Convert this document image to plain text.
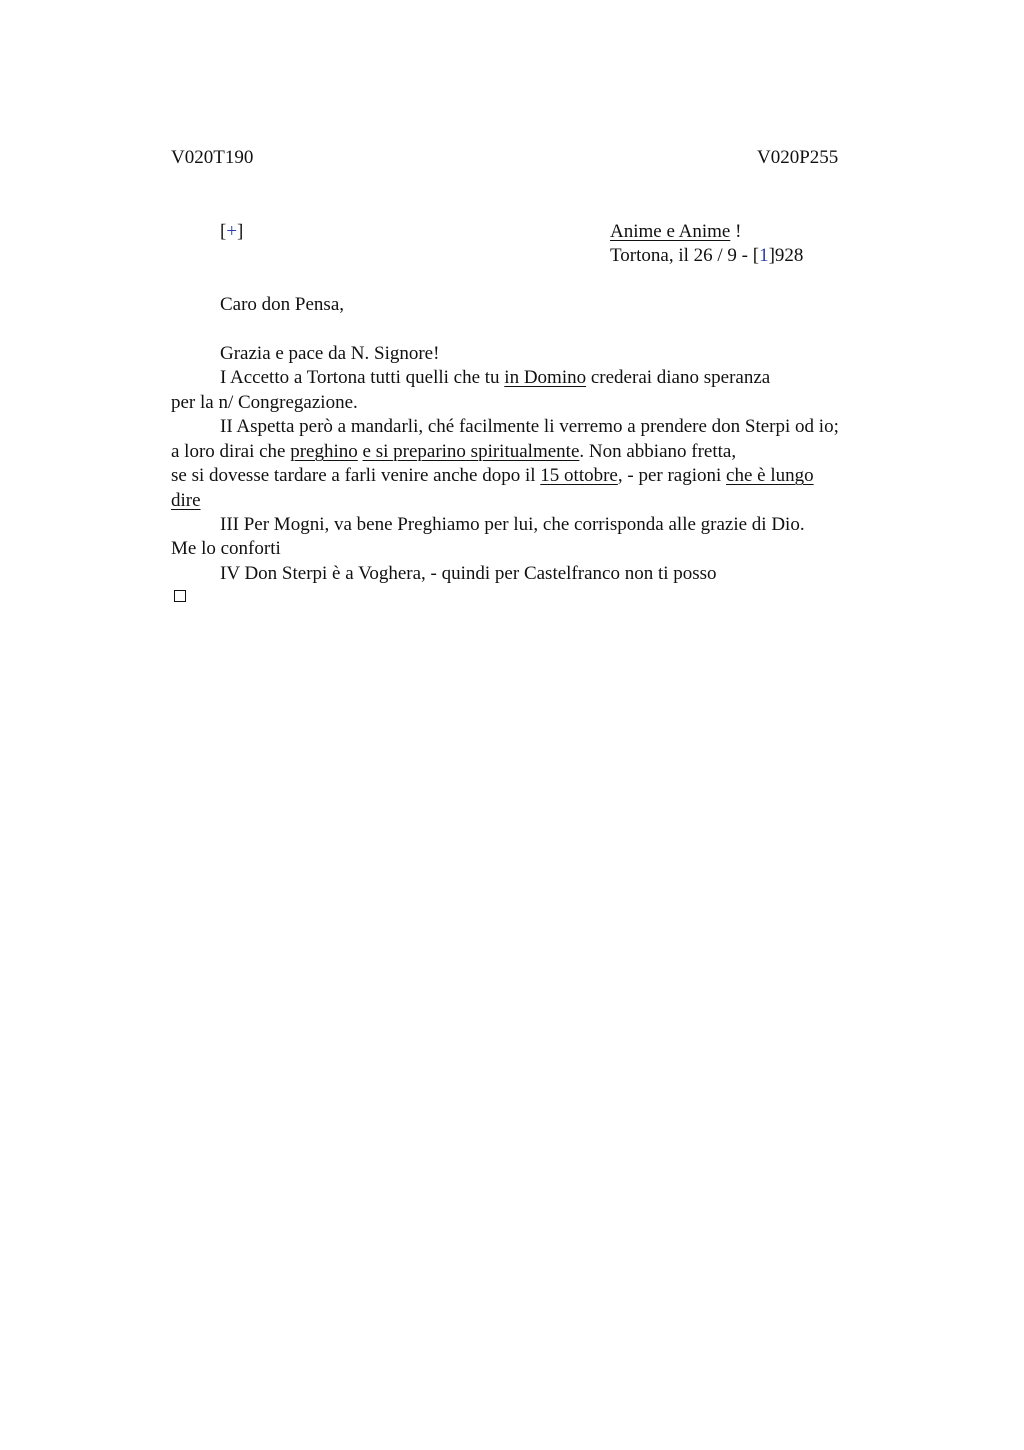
V020T190	V020P255
[+]	Anime e Anime !
Tortona, il 26 / 9 - [1]928
Caro don Pensa,
Grazia e pace da N. Signore!
I Accetto a Tortona tutti quelli che tu in Domino crederai diano speranza
per la n/ Congregazione.
II Aspetta però a mandarli, ché facilmente li verremo a prendere don Sterpi od io;
a loro dirai che preghino e si preparino spiritualmente. Non abbiano fretta,
se si dovesse tardare a farli venire anche dopo il 15 ottobre, - per ragioni che è lungo
dire
III Per Mogni, va bene Preghiamo per lui, che corrisponda alle grazie di Dio.
Me lo conforti
IV Don Sterpi è a Voghera, - quindi per Castelfranco non ti posso
